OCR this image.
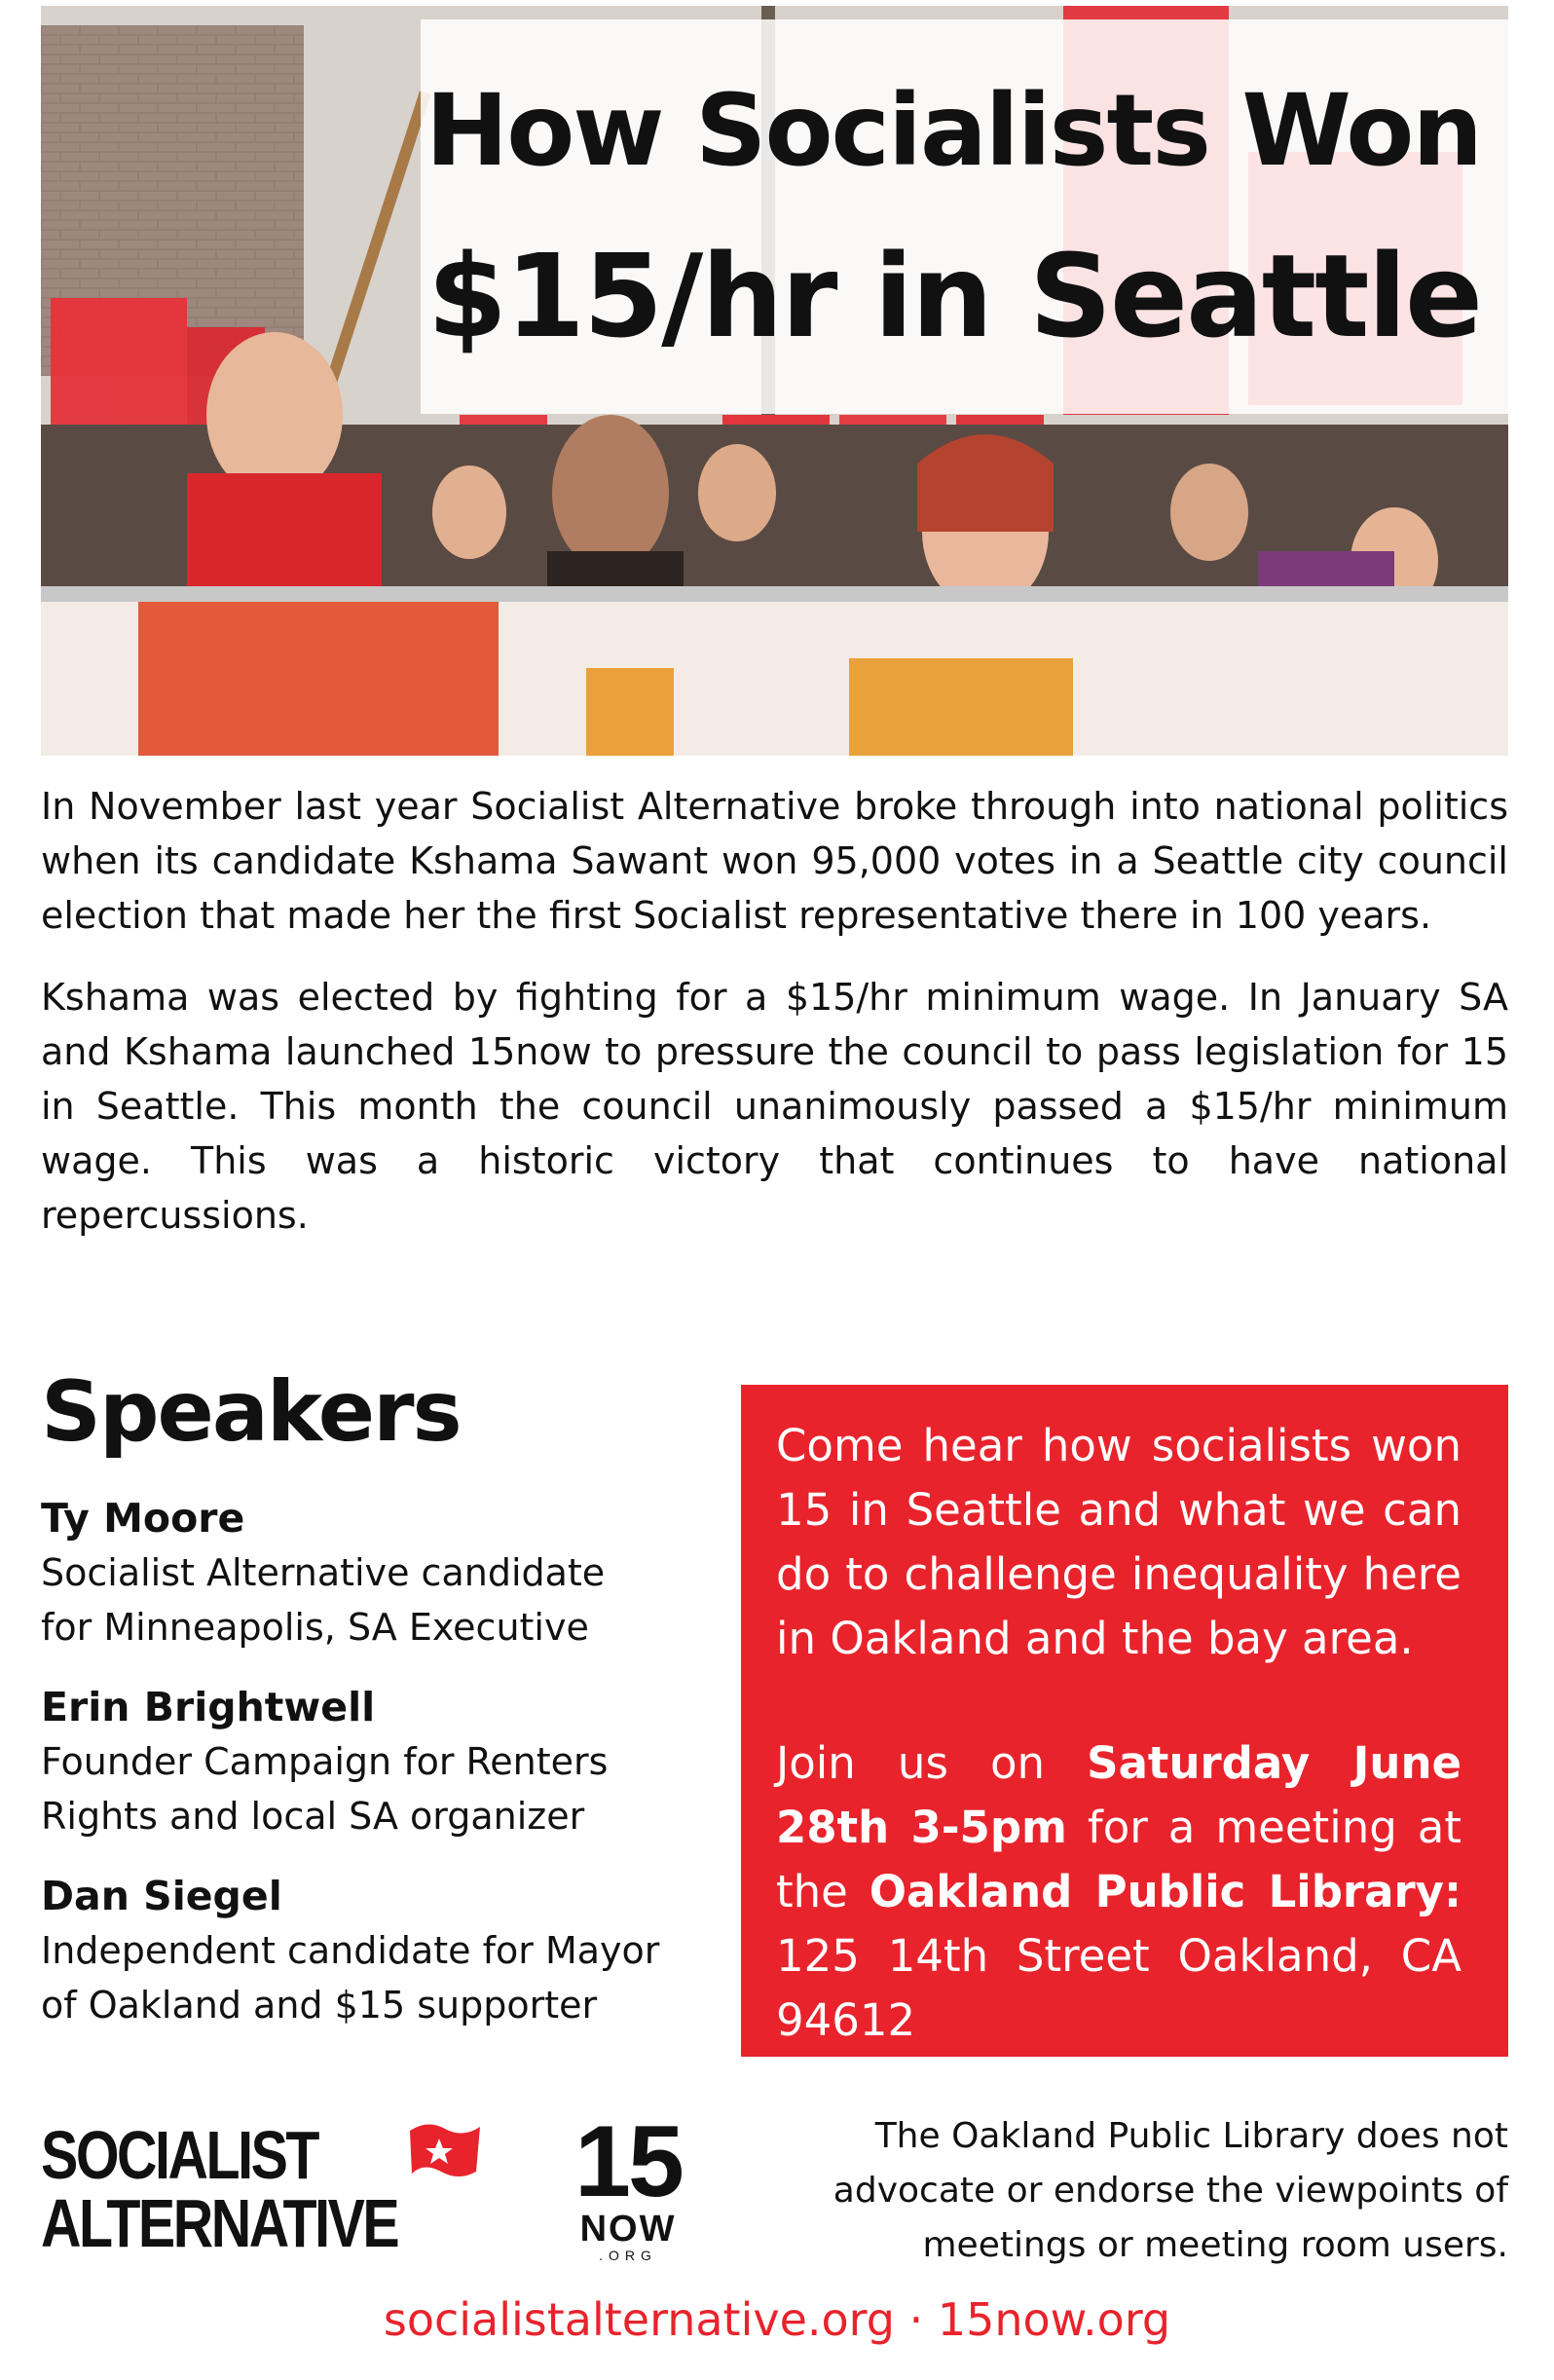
How Socialists Won
$15/hr in Seattle

In November last year Socialist Alternative broke through into national politics when its candidate Kshama Sawant won 95,000 votes in a Seattle city council election that made her the first Socialist representative there in 100 years.

Kshama was elected by fighting for a $15/hr minimum wage. In January SA and Kshama launched 15now to pressure the council to pass legislation for 15 in Seattle. This month the council unanimously passed a $15/hr minimum wage. This was a historic victory that continues to have national repercussions.

Speakers
Ty Moore
Socialist Alternative candidate
for Minneapolis, SA Executive
Erin Brightwell
Founder Campaign for Renters
Rights and local SA organizer
Dan Siegel
Independent candidate for Mayor
of Oakland and $15 supporter

Come hear how socialists won 15 in Seattle and what we can do to challenge inequality here in Oakland and the bay area.

Join us on Saturday June 28th 3-5pm for a meeting at the Oakland Public Library: 125 14th Street Oakland, CA 94612

SOCIALIST
ALTERNATIVE
15
NOW
.ORG
The Oakland Public Library does not advocate or endorse the viewpoints of meetings or meeting room users.
socialistalternative.org · 15now.org
